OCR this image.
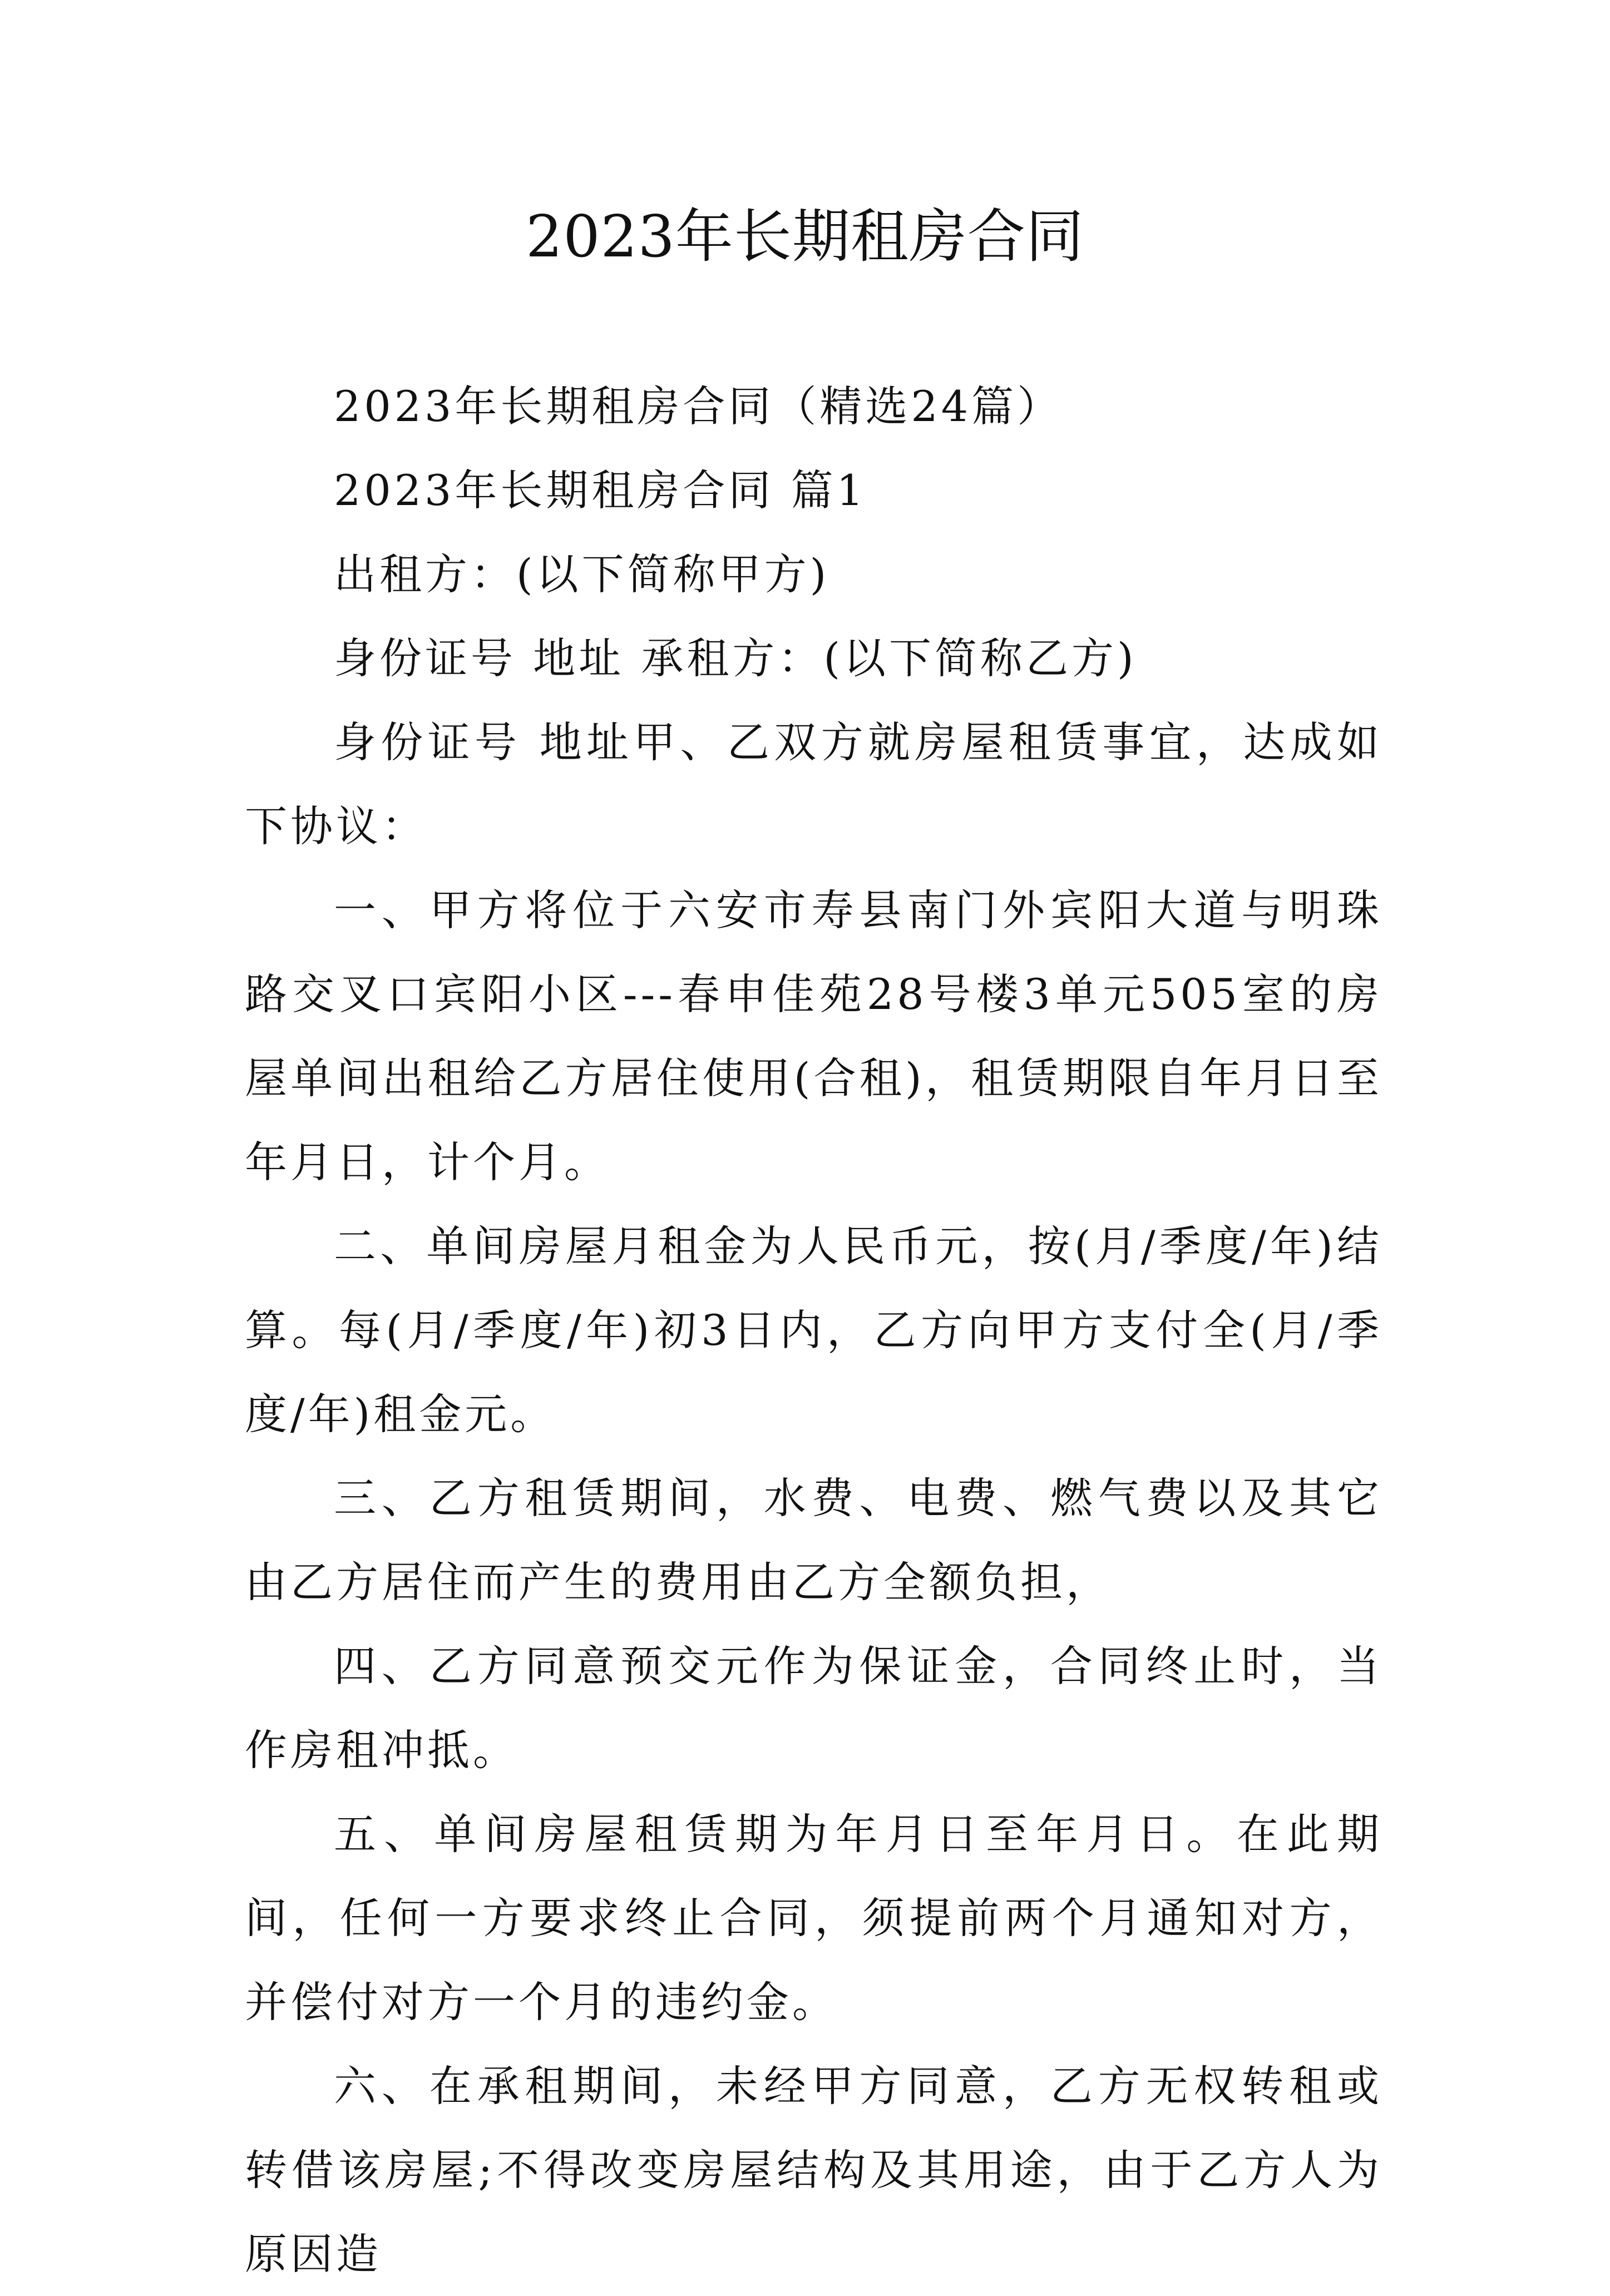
2023年长期租房合同

2023年长期租房合同（精选24篇）

2023年长期租房合同 篇1

出租方：(以下简称甲方)

身份证号 地址 承租方：(以下简称乙方)

身份证号 地址甲、乙双方就房屋租赁事宜，达成如下协议：

一、甲方将位于六安市寿县南门外宾阳大道与明珠路交叉口宾阳小区---春申佳苑28号楼3单元505室的房屋单间出租给乙方居住使用(合租)，租赁期限自年月日至年月日，计个月。

二、单间房屋月租金为人民币元，按(月/季度/年)结算。每(月/季度/年)初3日内，乙方向甲方支付全(月/季度/年)租金元。

三、乙方租赁期间，水费、电费、燃气费以及其它由乙方居住而产生的费用由乙方全额负担，

四、乙方同意预交元作为保证金，合同终止时，当作房租冲抵。

五、单间房屋租赁期为年月日至年月日。在此期间，任何一方要求终止合同，须提前两个月通知对方，并偿付对方一个月的违约金。

六、在承租期间，未经甲方同意，乙方无权转租或转借该房屋;不得改变房屋结构及其用途，由于乙方人为原因造
